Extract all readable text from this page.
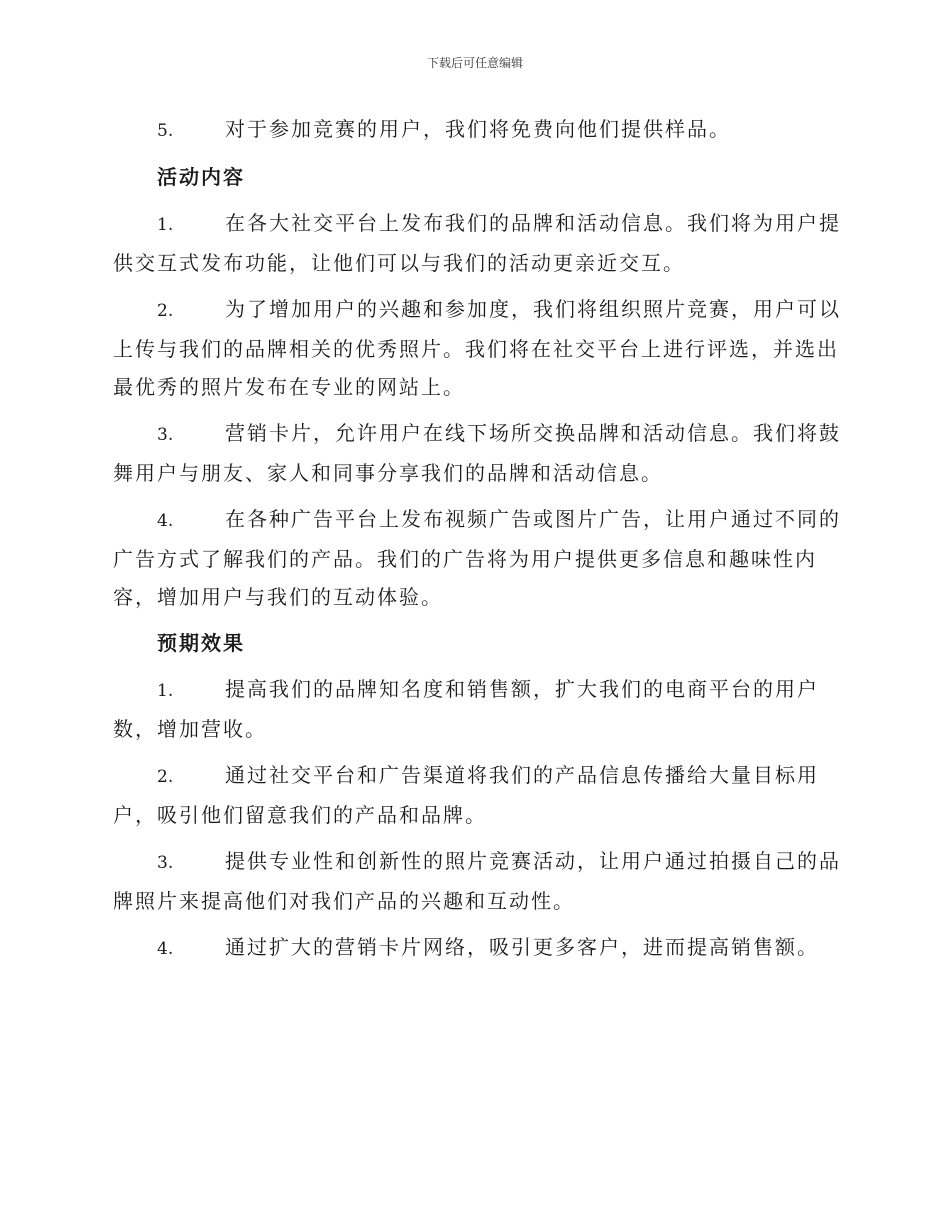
下载后可任意编辑

5.	对于参加竞赛的用户，我们将免费向他们提供样品。

活动内容

1.	在各大社交平台上发布我们的品牌和活动信息。我们将为用户提供交互式发布功能，让他们可以与我们的活动更亲近交互。

2.	为了增加用户的兴趣和参加度，我们将组织照片竞赛，用户可以上传与我们的品牌相关的优秀照片。我们将在社交平台上进行评选，并选出最优秀的照片发布在专业的网站上。

3.	营销卡片，允许用户在线下场所交换品牌和活动信息。我们将鼓舞用户与朋友、家人和同事分享我们的品牌和活动信息。

4.	在各种广告平台上发布视频广告或图片广告，让用户通过不同的广告方式了解我们的产品。我们的广告将为用户提供更多信息和趣味性内容，增加用户与我们的互动体验。

预期效果

1.	提高我们的品牌知名度和销售额，扩大我们的电商平台的用户数，增加营收。

2.	通过社交平台和广告渠道将我们的产品信息传播给大量目标用户，吸引他们留意我们的产品和品牌。

3.	提供专业性和创新性的照片竞赛活动，让用户通过拍摄自己的品牌照片来提高他们对我们产品的兴趣和互动性。

4.	通过扩大的营销卡片网络，吸引更多客户，进而提高销售额。
